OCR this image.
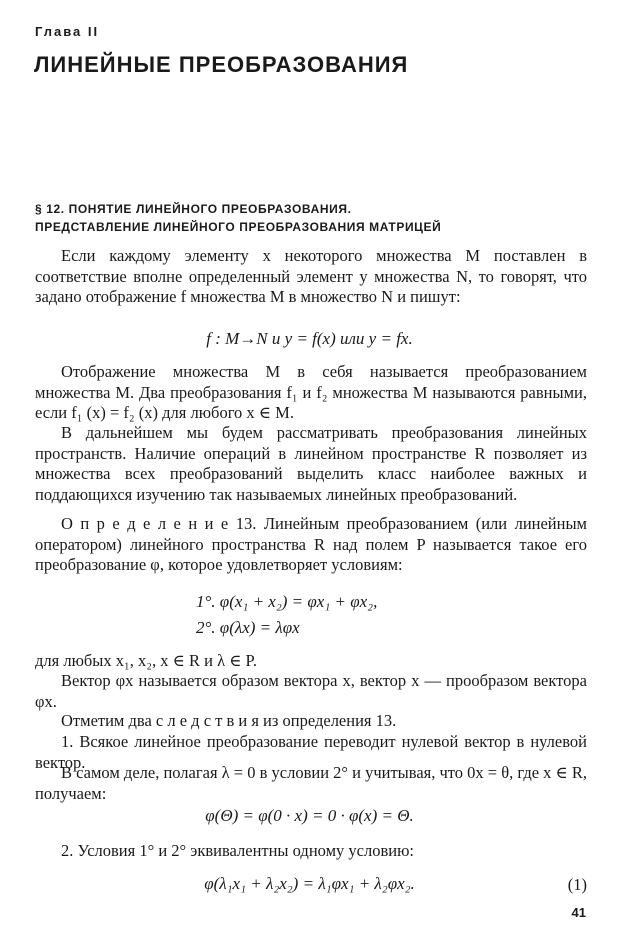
Глава II
ЛИНЕЙНЫЕ ПРЕОБРАЗОВАНИЯ
§ 12. ПОНЯТИЕ ЛИНЕЙНОГО ПРЕОБРАЗОВАНИЯ.
ПРЕДСТАВЛЕНИЕ ЛИНЕЙНОГО ПРЕОБРАЗОВАНИЯ МАТРИЦЕЙ

Если каждому элементу x некоторого множества M поставлен в соответствие вполне определенный элемент y множества N, то говорят, что задано отображение f множества M в множество N и пишут:

f : M→N и y = f(x) или y = fx.

Отображение множества M в себя называется преобразованием множества M. Два преобразования f₁ и f₂ множества M называются равными, если f₁ (x) = f₂ (x) для любого x ∈ M.

В дальнейшем мы будем рассматривать преобразования линейных пространств. Наличие операций в линейном пространстве R позволяет из множества всех преобразований выделить класс наиболее важных и поддающихся изучению так называемых линейных преобразований.

О п р е д е л е н и е 13. Линейным преобразованием (или линейным оператором) линейного пространства R над полем P называется такое его преобразование φ, которое удовлетворяет условиям:

1°. φ(x₁ + x₂) = φx₁ + φx₂,
2°. φ(λx) = λφx

для любых x₁, x₂, x ∈ R и λ ∈ P.

Вектор φx называется образом вектора x, вектор x — прообразом вектора φx.

Отметим два с л е д с т в и я из определения 13.

1. Всякое линейное преобразование переводит нулевой вектор в нулевой вектор.

В самом деле, полагая λ = 0 в условии 2° и учитывая, что 0x = θ, где x ∈ R, получаем:

φ(Θ) = φ(0 · x) = 0 · φ(x) = Θ.

2. Условия 1° и 2° эквивалентны одному условию:

φ(λ₁x₁ + λ₂x₂) = λ₁φx₁ + λ₂φx₂.	(1)
41
